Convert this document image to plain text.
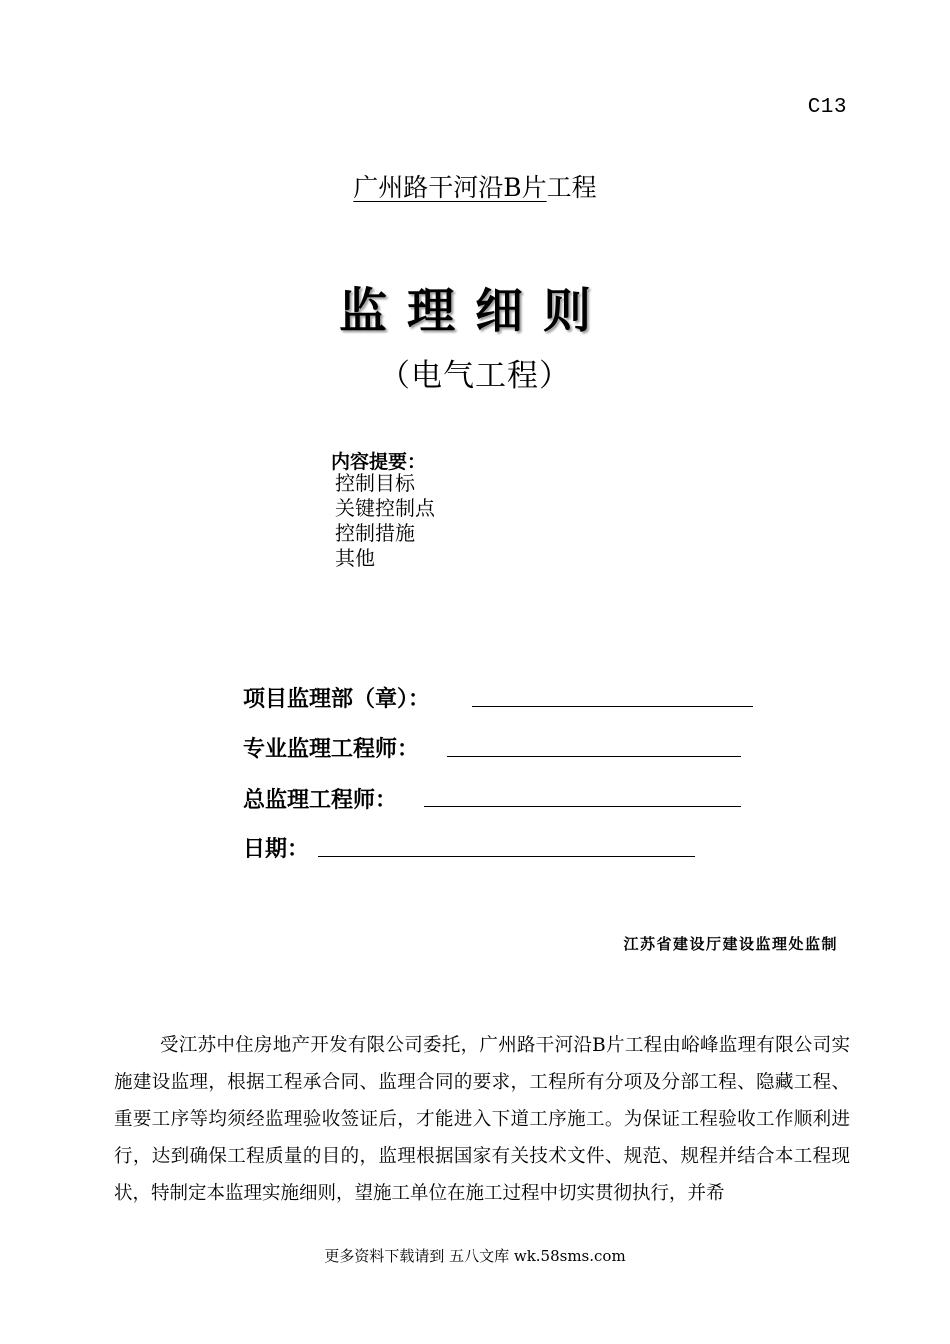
C13
广州路干河沿B片工程
监理细则
（电气工程）
内容提要：
控制目标
关键控制点
控制措施
其他
项目监理部（章）：
专业监理工程师：
总监理工程师：
日期：
江苏省建设厅建设监理处监制
受江苏中住房地产开发有限公司委托，广州路干河沿B片工程由峪峰监理有限公司实施建设监理，根据工程承合同、监理合同的要求，工程所有分项及分部工程、隐藏工程、重要工序等均须经监理验收签证后，才能进入下道工序施工。为保证工程验收工作顺利进行，达到确保工程质量的目的，监理根据国家有关技术文件、规范、规程并结合本工程现状，特制定本监理实施细则，望施工单位在施工过程中切实贯彻执行，并希
更多资料下载请到 五八文库 wk.58sms.com
